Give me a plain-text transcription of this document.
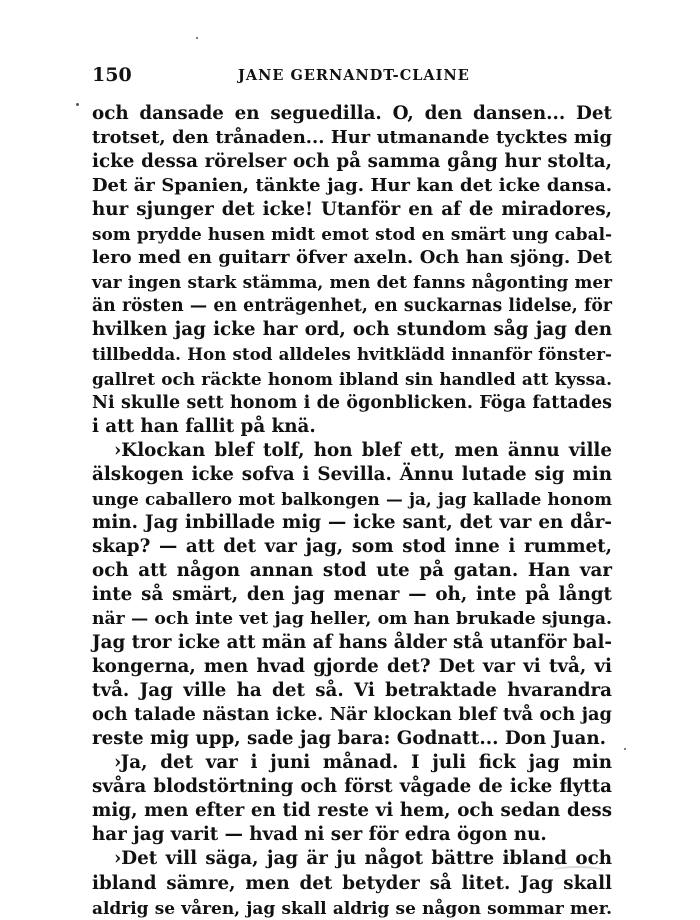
150	JANE GERNANDT-CLAINE
och dansade en seguedilla. O, den dansen... Det
trotset, den trånaden... Hur utmanande tycktes mig
icke dessa rörelser och på samma gång hur stolta,
Det är Spanien, tänkte jag. Hur kan det icke dansa.
hur sjunger det icke! Utanför en af de miradores,
som prydde husen midt emot stod en smärt ung cabal-
lero med en guitarr öfver axeln. Och han sjöng. Det
var ingen stark stämma, men det fanns någonting mer
än rösten — en enträgenhet, en suckarnas lidelse, för
hvilken jag icke har ord, och stundom såg jag den
tillbedda. Hon stod alldeles hvitklädd innanför fönster-
gallret och räckte honom ibland sin handled att kyssa.
Ni skulle sett honom i de ögonblicken. Föga fattades
i att han fallit på knä.
›Klockan blef tolf, hon blef ett, men ännu ville
älskogen icke sofva i Sevilla. Ännu lutade sig min
unge caballero mot balkongen — ja, jag kallade honom
min. Jag inbillade mig — icke sant, det var en dår-
skap? — att det var jag, som stod inne i rummet,
och att någon annan stod ute på gatan. Han var
inte så smärt, den jag menar — oh, inte på långt
när — och inte vet jag heller, om han brukade sjunga.
Jag tror icke att män af hans ålder stå utanför bal-
kongerna, men hvad gjorde det? Det var vi två, vi
två. Jag ville ha det så. Vi betraktade hvarandra
och talade nästan icke. När klockan blef två och jag
reste mig upp, sade jag bara: Godnatt... Don Juan.
›Ja, det var i juni månad. I juli fick jag min
svåra blodstörtning och först vågade de icke flytta
mig, men efter en tid reste vi hem, och sedan dess
har jag varit — hvad ni ser för edra ögon nu.
›Det vill säga, jag är ju något bättre ibland och
ibland sämre, men det betyder så litet. Jag skall
aldrig se våren, jag skall aldrig se någon sommar mer.
